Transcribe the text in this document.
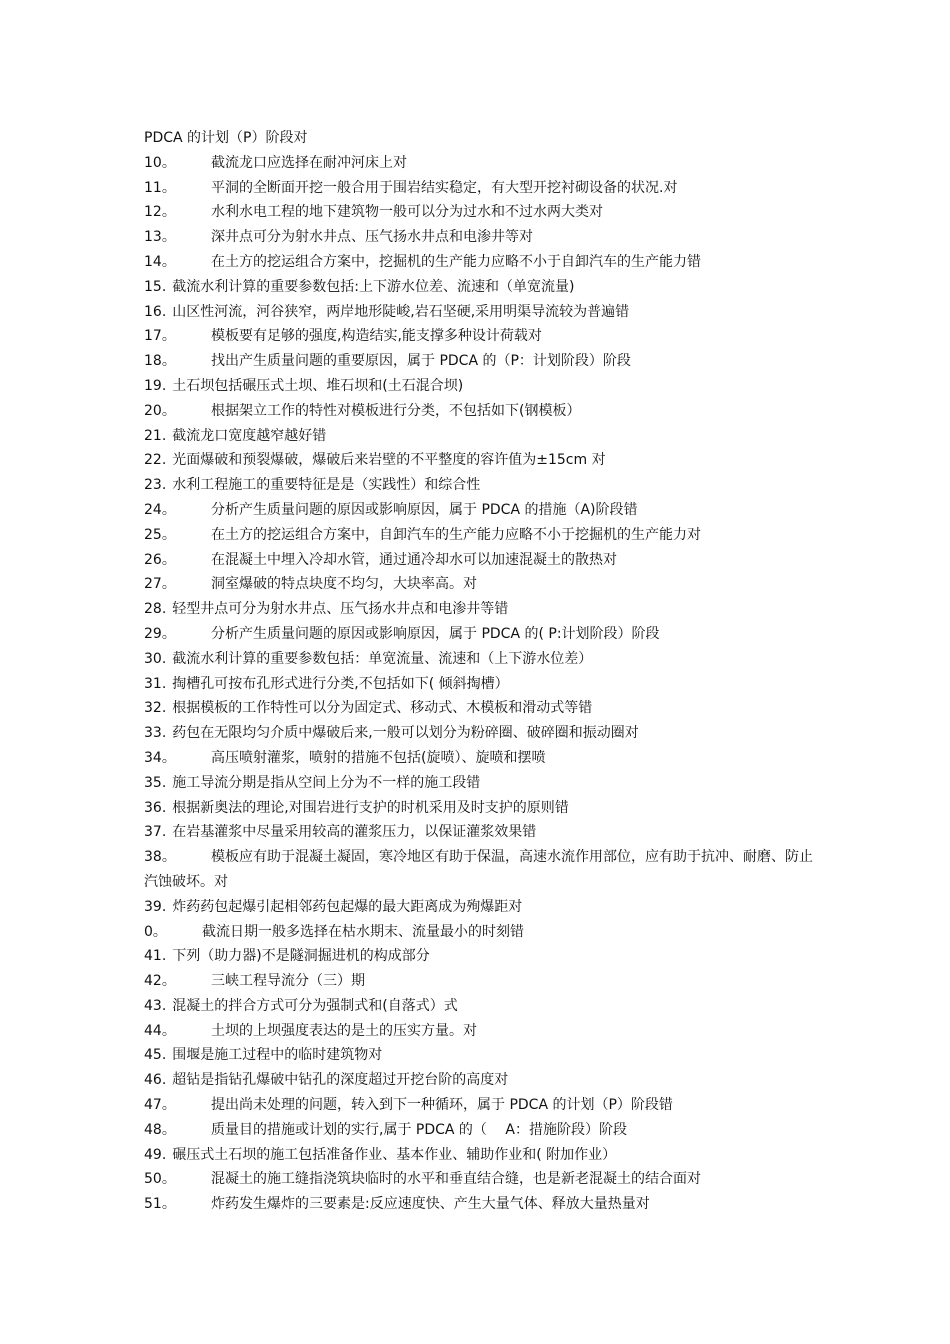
PDCA 的计划（P）阶段对
10。	截流龙口应选择在耐冲河床上对
11。	平洞的全断面开挖一般合用于围岩结实稳定，有大型开挖衬砌设备的状况.对
12。	水利水电工程的地下建筑物一般可以分为过水和不过水两大类对
13。	深井点可分为射水井点、压气扬水井点和电渗井等对
14。	在土方的挖运组合方案中，挖掘机的生产能力应略不小于自卸汽车的生产能力错
15. 截流水利计算的重要参数包括:上下游水位差、流速和（单宽流量)
16. 山区性河流，河谷狭窄，两岸地形陡峻,岩石坚硬,采用明渠导流较为普遍错
17。	模板要有足够的强度,构造结实,能支撑多种设计荷载对
18。	找出产生质量问题的重要原因，属于 PDCA 的（P：计划阶段）阶段
19. 土石坝包括碾压式土坝、堆石坝和(土石混合坝)
20。	根据架立工作的特性对模板进行分类，不包括如下(钢模板）
21. 截流龙口宽度越窄越好错
22. 光面爆破和预裂爆破，爆破后来岩壁的不平整度的容许值为±15cm 对
23. 水利工程施工的重要特征是是（实践性）和综合性
24。	分析产生质量问题的原因或影响原因，属于 PDCA 的措施（A)阶段错
25。	在土方的挖运组合方案中，自卸汽车的生产能力应略不小于挖掘机的生产能力对
26。	在混凝土中埋入冷却水管，通过通冷却水可以加速混凝土的散热对
27。	洞室爆破的特点块度不均匀，大块率高。对
28. 轻型井点可分为射水井点、压气扬水井点和电渗井等错
29。	分析产生质量问题的原因或影响原因，属于 PDCA 的( P:计划阶段）阶段
30. 截流水利计算的重要参数包括：单宽流量、流速和（上下游水位差）
31. 掏槽孔可按布孔形式进行分类,不包括如下( 倾斜掏槽）
32. 根据模板的工作特性可以分为固定式、移动式、木模板和滑动式等错
33. 药包在无限均匀介质中爆破后来,一般可以划分为粉碎圈、破碎圈和振动圈对
34。	高压喷射灌浆，喷射的措施不包括(旋喷）、旋喷和摆喷
35. 施工导流分期是指从空间上分为不一样的施工段错
36. 根据新奥法的理论,对围岩进行支护的时机采用及时支护的原则错
37. 在岩基灌浆中尽量采用较高的灌浆压力，以保证灌浆效果错
38。	模板应有助于混凝土凝固，寒冷地区有助于保温，高速水流作用部位，应有助于抗冲、耐磨、防止汽蚀破坏。对
39. 炸药药包起爆引起相邻药包起爆的最大距离成为殉爆距对
0。	截流日期一般多选择在枯水期末、流量最小的时刻错
41. 下列（助力器)不是隧洞掘进机的构成部分
42。	三峡工程导流分（三）期
43. 混凝土的拌合方式可分为强制式和(自落式）式
44。	土坝的上坝强度表达的是土的压实方量。对
45. 围堰是施工过程中的临时建筑物对
46. 超钻是指钻孔爆破中钻孔的深度超过开挖台阶的高度对
47。	提出尚未处理的问题，转入到下一种循环，属于 PDCA 的计划（P）阶段错
48。	质量目的措施或计划的实行,属于 PDCA 的（　 A：措施阶段）阶段
49. 碾压式土石坝的施工包括准备作业、基本作业、辅助作业和( 附加作业）
50。	混凝土的施工缝指浇筑块临时的水平和垂直结合缝，也是新老混凝土的结合面对
51。	炸药发生爆炸的三要素是:反应速度快、产生大量气体、释放大量热量对
